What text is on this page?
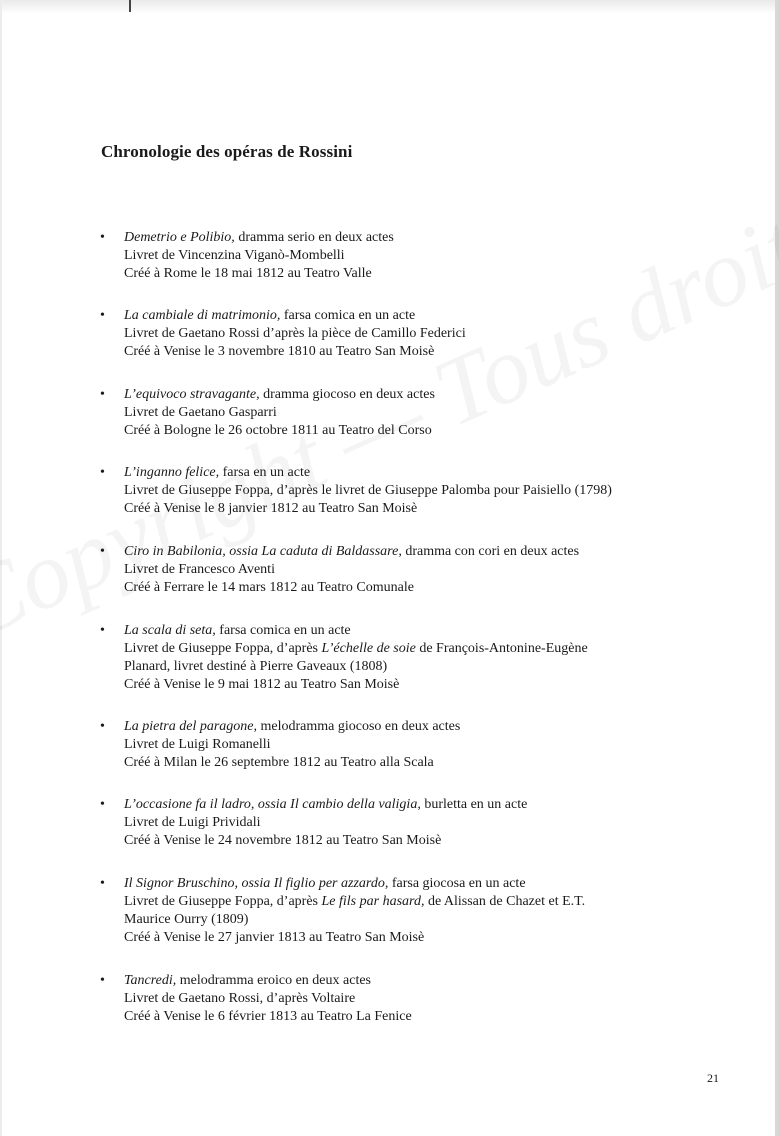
Chronologie des opéras de Rossini
• Demetrio e Polibio, dramma serio en deux actes
Livret de Vincenzina Viganò-Mombelli
Créé à Rome le 18 mai 1812 au Teatro Valle
• La cambiale di matrimonio, farsa comica en un acte
Livret de Gaetano Rossi d’après la pièce de Camillo Federici
Créé à Venise le 3 novembre 1810 au Teatro San Moisè
• L’equivoco stravagante, dramma giocoso en deux actes
Livret de Gaetano Gasparri
Créé à Bologne le 26 octobre 1811 au Teatro del Corso
• L’inganno felice, farsa en un acte
Livret de Giuseppe Foppa, d’après le livret de Giuseppe Palomba pour Paisiello (1798)
Créé à Venise le 8 janvier 1812 au Teatro San Moisè
• Ciro in Babilonia, ossia La caduta di Baldassare, dramma con cori en deux actes
Livret de Francesco Aventi
Créé à Ferrare le 14 mars 1812 au Teatro Comunale
• La scala di seta, farsa comica en un acte
Livret de Giuseppe Foppa, d’après L’échelle de soie de François-Antonine-Eugène
Planard, livret destiné à Pierre Gaveaux (1808)
Créé à Venise le 9 mai 1812 au Teatro San Moisè
• La pietra del paragone, melodramma giocoso en deux actes
Livret de Luigi Romanelli
Créé à Milan le 26 septembre 1812 au Teatro alla Scala
• L’occasione fa il ladro, ossia Il cambio della valigia, burletta en un acte
Livret de Luigi Prividali
Créé à Venise le 24 novembre 1812 au Teatro San Moisè
• Il Signor Bruschino, ossia Il figlio per azzardo, farsa giocosa en un acte
Livret de Giuseppe Foppa, d’après Le fils par hasard, de Alissan de Chazet et E.T.
Maurice Ourry (1809)
Créé à Venise le 27 janvier 1813 au Teatro San Moisè
• Tancredi, melodramma eroico en deux actes
Livret de Gaetano Rossi, d’après Voltaire
Créé à Venise le 6 février 1813 au Teatro La Fenice
21
